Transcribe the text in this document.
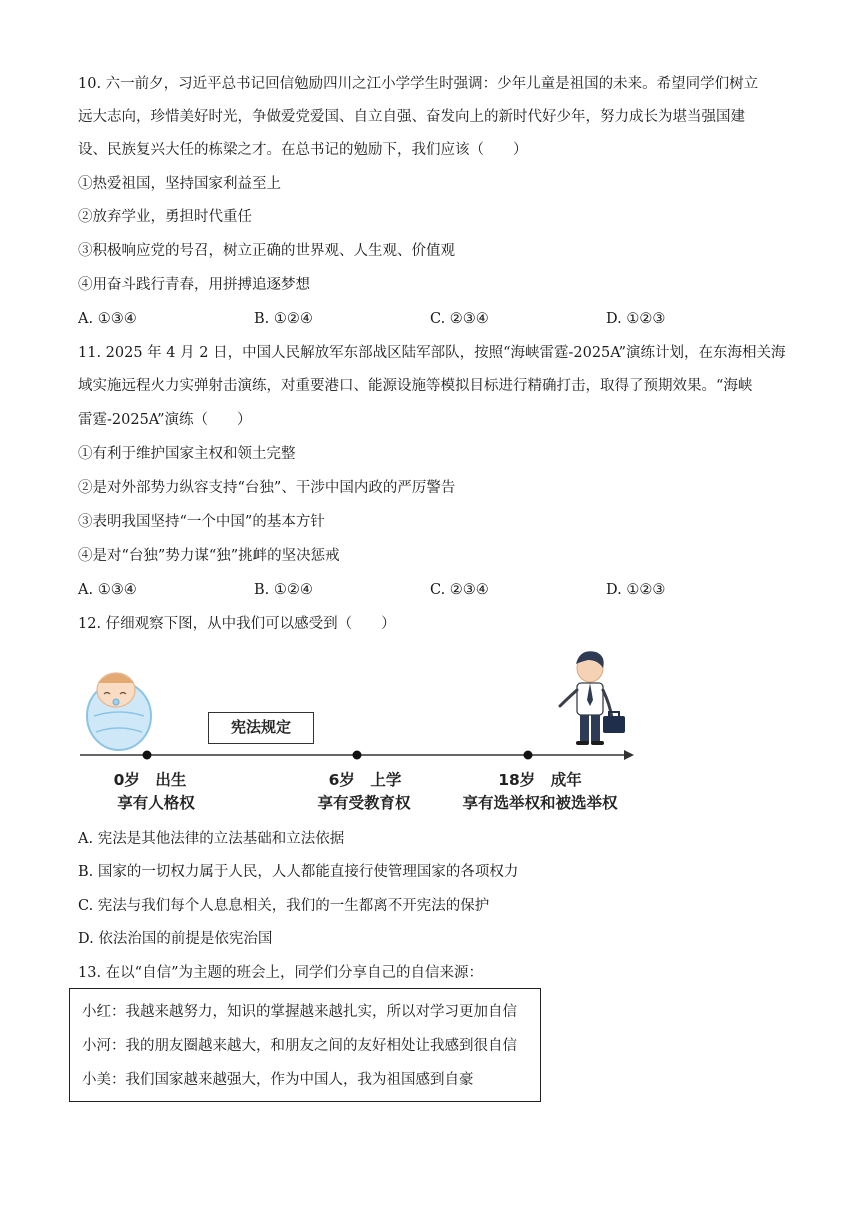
10. 六一前夕，习近平总书记回信勉励四川之江小学学生时强调：少年儿童是祖国的未来。希望同学们树立
远大志向，珍惜美好时光，争做爱党爱国、自立自强、奋发向上的新时代好少年，努力成长为堪当强国建
设、民族复兴大任的栋梁之才。在总书记的勉励下，我们应该（　　）
①热爱祖国，坚持国家利益至上
②放弃学业，勇担时代重任
③积极响应党的号召，树立正确的世界观、人生观、价值观
④用奋斗践行青春，用拼搏追逐梦想
A. ①③④	B. ①②④	C. ②③④	D. ①②③
11. 2025 年 4 月 2 日，中国人民解放军东部战区陆军部队，按照“海峡雷霆-2025A”演练计划，在东海相关海
域实施远程火力实弹射击演练，对重要港口、能源设施等模拟目标进行精确打击，取得了预期效果。“海峡
雷霆-2025A”演练（　　）
①有利于维护国家主权和领土完整
②是对外部势力纵容支持“台独”、干涉中国内政的严厉警告
③表明我国坚持“一个中国”的基本方针
④是对“台独”势力谋“独”挑衅的坚决惩戒
A. ①③④	B. ①②④	C. ②③④	D. ①②③
12. 仔细观察下图，从中我们可以感受到（　　）
宪法规定
0岁　出生
享有人格权
6岁　上学
享有受教育权
18岁　成年
享有选举权和被选举权
A. 宪法是其他法律的立法基础和立法依据
B. 国家的一切权力属于人民，人人都能直接行使管理国家的各项权力
C. 宪法与我们每个人息息相关，我们的一生都离不开宪法的保护
D. 依法治国的前提是依宪治国
13. 在以“自信”为主题的班会上，同学们分享自己的自信来源：
小红：我越来越努力，知识的掌握越来越扎实，所以对学习更加自信
小河：我的朋友圈越来越大，和朋友之间的友好相处让我感到很自信
小美：我们国家越来越强大，作为中国人，我为祖国感到自豪
